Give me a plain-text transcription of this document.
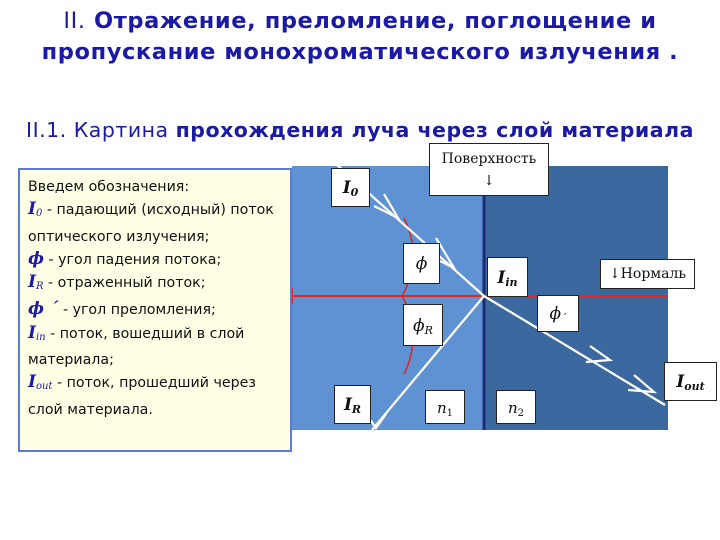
II. Отражение, преломление, поглощение и пропускание монохроматического излучения .
II.1. Картина прохождения луча через слой материала
Введем обозначения:
$I_0$ - падающий (исходный) поток оптического излучения;
ϕ - угол падения потока;
$I_R$ - отраженный поток;
ϕ ´ - угол преломления;
$I_{in}$ - поток, вошедший в слой материала;
$I_{out}$ - поток, прошедший через слой материала.
Поверхность
↓
I0
ϕ
Iin
↓Нормаль
ϕR
ϕ´
Iout
IR	$n_1$	$n_2$
